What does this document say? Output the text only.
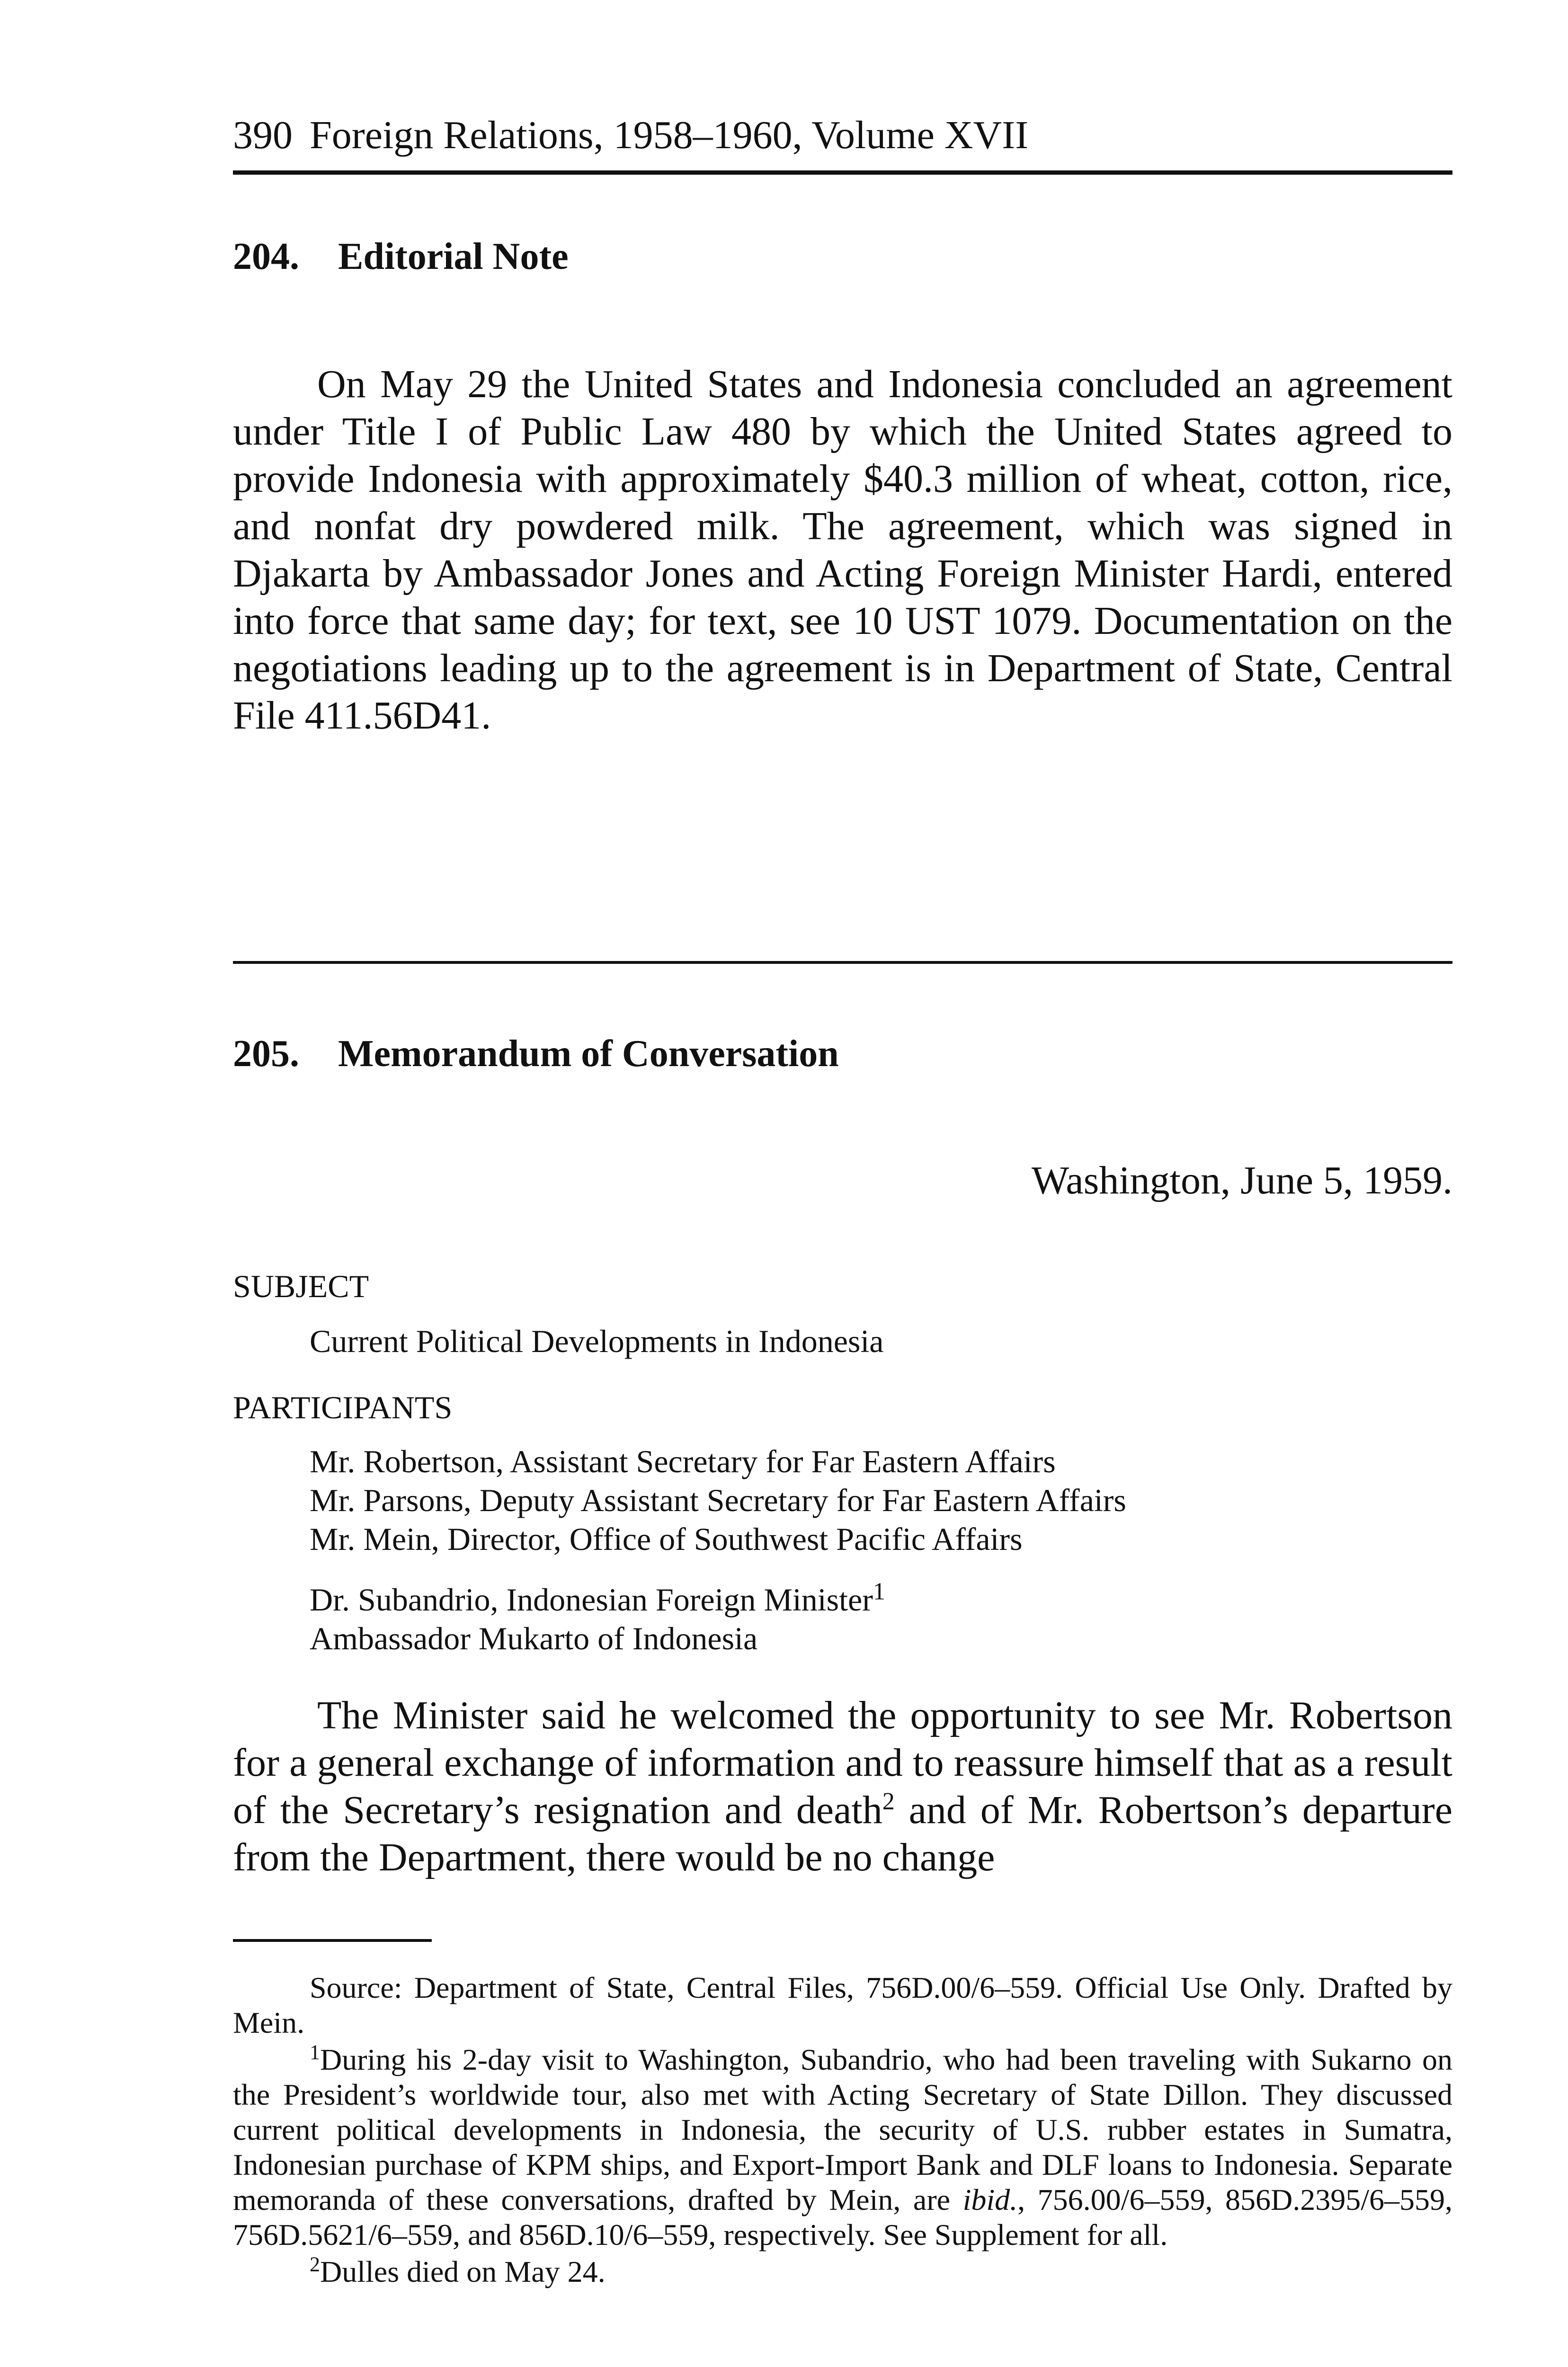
390 Foreign Relations, 1958–1960, Volume XVII
204. Editorial Note

On May 29 the United States and Indonesia concluded an agreement under Title I of Public Law 480 by which the United States agreed to provide Indonesia with approximately $40.3 million of wheat, cotton, rice, and nonfat dry powdered milk. The agreement, which was signed in Djakarta by Ambassador Jones and Acting Foreign Minister Hardi, entered into force that same day; for text, see 10 UST 1079. Documentation on the negotiations leading up to the agreement is in Department of State, Central File 411.56D41.

205. Memorandum of Conversation
Washington, June 5, 1959.
SUBJECT
Current Political Developments in Indonesia
PARTICIPANTS
Mr. Robertson, Assistant Secretary for Far Eastern Affairs
Mr. Parsons, Deputy Assistant Secretary for Far Eastern Affairs
Mr. Mein, Director, Office of Southwest Pacific Affairs
Dr. Subandrio, Indonesian Foreign Minister$^1$
Ambassador Mukarto of Indonesia

The Minister said he welcomed the opportunity to see Mr. Robertson for a general exchange of information and to reassure himself that as a result of the Secretary’s resignation and death$^2$ and of Mr. Robertson’s departure from the Department, there would be no change

Source: Department of State, Central Files, 756D.00/6–559. Official Use Only. Drafted by Mein.

$^1$During his 2-day visit to Washington, Subandrio, who had been traveling with Sukarno on the President’s worldwide tour, also met with Acting Secretary of State Dillon. They discussed current political developments in Indonesia, the security of U.S. rubber estates in Sumatra, Indonesian purchase of KPM ships, and Export-Import Bank and DLF loans to Indonesia. Separate memoranda of these conversations, drafted by Mein, are ibid., 756.00/6–559, 856D.2395/6–559, 756D.5621/6–559, and 856D.10/6–559, respectively. See Supplement for all.

$^2$Dulles died on May 24.
